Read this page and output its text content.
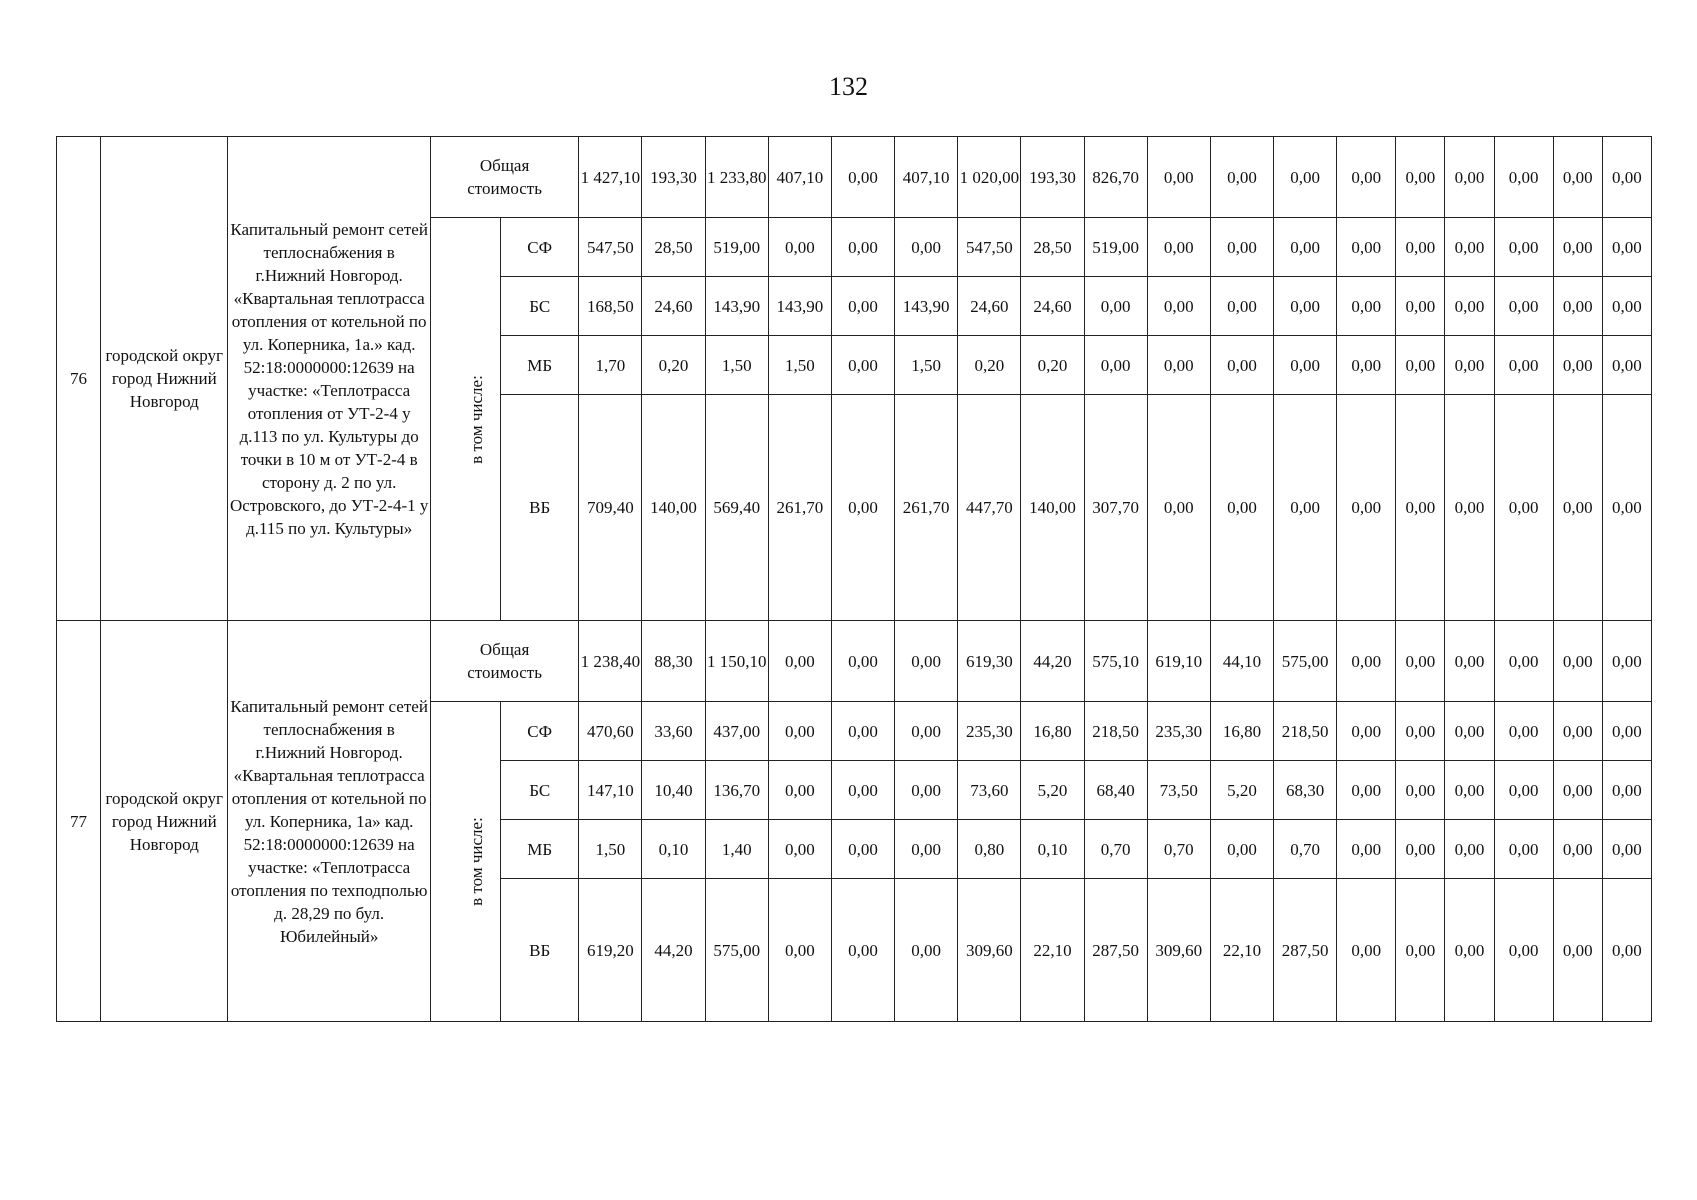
132
76	городской округ город Нижний Новгород	Капитальный ремонт сетей теплоснабжения в г.Нижний Новгород. «Квартальная теплотрасса отопления от котельной по ул. Коперника, 1а.» кад. 52:18:0000000:12639 на участке: «Теплотрасса отопления от УТ-2-4 у д.113 по ул. Культуры до точки в 10 м от УТ-2-4 в сторону д. 2 по ул. Островского, до УТ-2-4-1 у д.115 по ул. Культуры»	Общая стоимость		1 427,10	193,30	1 233,80	407,10	0,00	407,10	1 020,00	193,30	826,70	0,00	0,00	0,00	0,00	0,00	0,00	0,00	0,00	0,00
			в том числе:	СФ	547,50	28,50	519,00	0,00	0,00	0,00	547,50	28,50	519,00	0,00	0,00	0,00	0,00	0,00	0,00	0,00	0,00	0,00
				БС	168,50	24,60	143,90	143,90	0,00	143,90	24,60	24,60	0,00	0,00	0,00	0,00	0,00	0,00	0,00	0,00	0,00	0,00
				МБ	1,70	0,20	1,50	1,50	0,00	1,50	0,20	0,20	0,00	0,00	0,00	0,00	0,00	0,00	0,00	0,00	0,00	0,00
				ВБ	709,40	140,00	569,40	261,70	0,00	261,70	447,70	140,00	307,70	0,00	0,00	0,00	0,00	0,00	0,00	0,00	0,00	0,00
77	городской округ город Нижний Новгород	Капитальный ремонт сетей теплоснабжения в г.Нижний Новгород. «Квартальная теплотрасса отопления от котельной по ул. Коперника, 1а» кад. 52:18:0000000:12639 на участке: «Теплотрасса отопления по техподполью д. 28,29 по бул. Юбилейный»	Общая стоимость		1 238,40	88,30	1 150,10	0,00	0,00	0,00	619,30	44,20	575,10	619,10	44,10	575,00	0,00	0,00	0,00	0,00	0,00	0,00
			в том числе:	СФ	470,60	33,60	437,00	0,00	0,00	0,00	235,30	16,80	218,50	235,30	16,80	218,50	0,00	0,00	0,00	0,00	0,00	0,00
				БС	147,10	10,40	136,70	0,00	0,00	0,00	73,60	5,20	68,40	73,50	5,20	68,30	0,00	0,00	0,00	0,00	0,00	0,00
				МБ	1,50	0,10	1,40	0,00	0,00	0,00	0,80	0,10	0,70	0,70	0,00	0,70	0,00	0,00	0,00	0,00	0,00	0,00
				ВБ	619,20	44,20	575,00	0,00	0,00	0,00	309,60	22,10	287,50	309,60	22,10	287,50	0,00	0,00	0,00	0,00	0,00	0,00
